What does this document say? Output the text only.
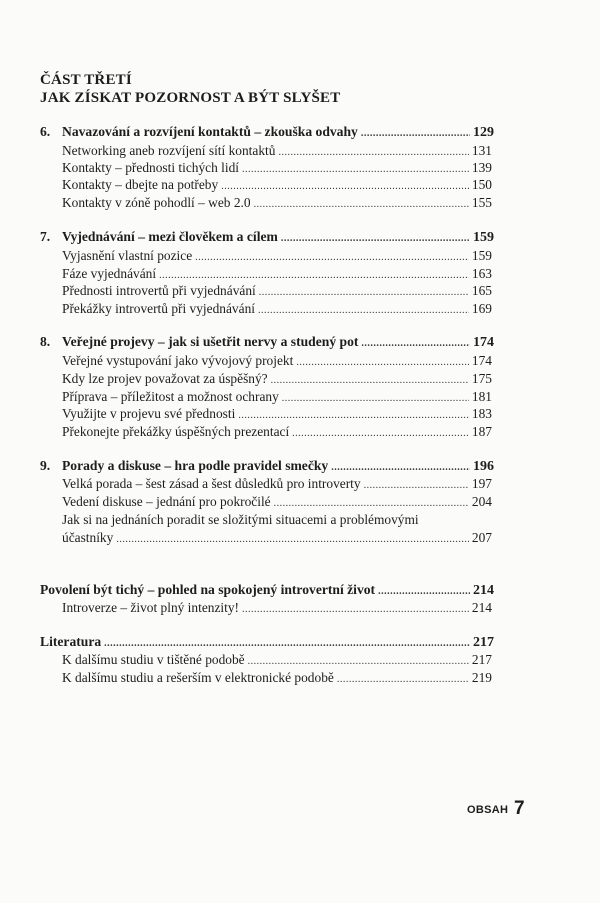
ČÁST TŘETÍ
JAK ZÍSKAT POZORNOST A BÝT SLYŠET
6. Navazování a rozvíjení kontaktů – zkouška odvahy .....	129
Networking aneb rozvíjení sítí kontaktů .....	131
Kontakty – přednosti tichých lidí .....	139
Kontakty – dbejte na potřeby .....	150
Kontakty v zóně pohodlí – web 2.0 .....	155
7. Vyjednávání – mezi člověkem a cílem .....	159
Vyjasnění vlastní pozice .....	159
Fáze vyjednávání .....	163
Přednosti introvertů při vyjednávání .....	165
Překážky introvertů při vyjednávání .....	169
8. Veřejné projevy – jak si ušetřit nervy a studený pot .....	174
Veřejné vystupování jako vývojový projekt .....	174
Kdy lze projev považovat za úspěšný? .....	175
Příprava – příležitost a možnost ochrany .....	181
Využijte v projevu své přednosti .....	183
Překonejte překážky úspěšných prezentací .....	187
9. Porady a diskuse – hra podle pravidel smečky .....	196
Velká porada – šest zásad a šest důsledků pro introverty .....	197
Vedení diskuse – jednání pro pokročilé .....	204
Jak si na jednáních poradit se složitými situacemi a problémovými
účastníky .....	207
Povolení být tichý – pohled na spokojený introvertní život .....	214
Introverze – život plný intenzity! .....	214
Literatura .....	217
K dalšímu studiu v tištěné podobě .....	217
K dalšímu studiu a rešerším v elektronické podobě .....	219
OBSAH 7
